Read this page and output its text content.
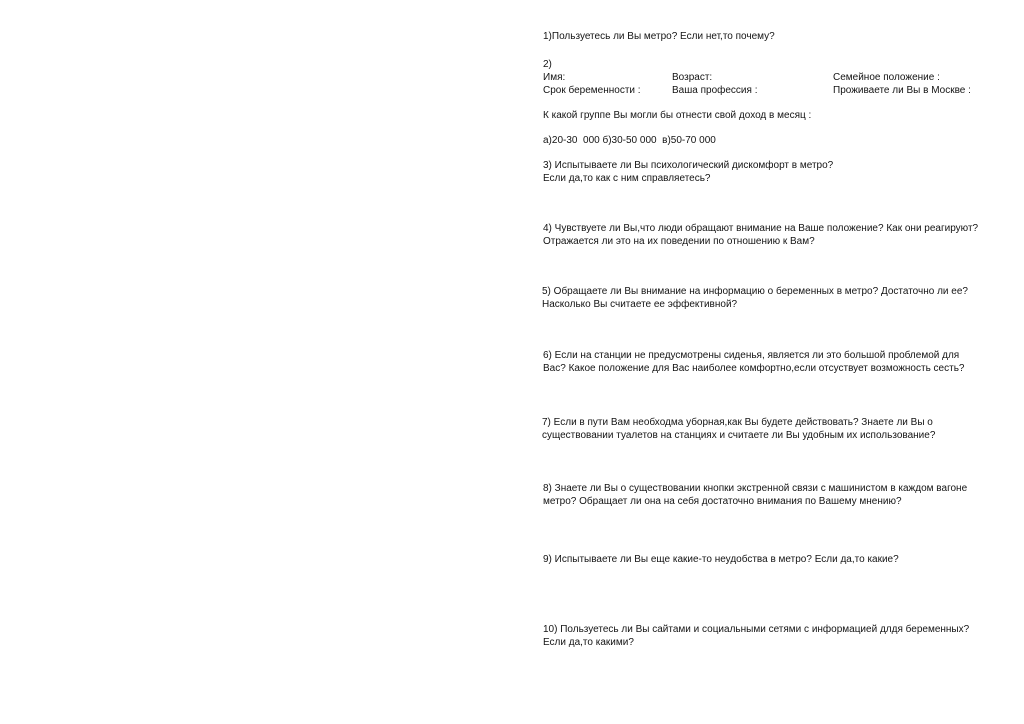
1)Пользуетесь ли Вы метро? Если нет,то почему?

2)

Имя:	Возраст:	Семейное положение :
Срок беременности :	Ваша профессия :	Проживаете ли Вы в Москве :

К какой группе Вы могли бы отнести свой доход в месяц :

а)20-30  000 б)30-50 000  в)50-70 000

3) Испытываете ли Вы психологический дискомфорт в метро?
Если да,то как с ним справляетесь?

4) Чувствуете ли Вы,что люди обращают внимание на Ваше положение? Как они реагируют?
Отражается ли это на их поведении по отношению к Вам?

5) Обращаете ли Вы внимание на информацию о беременных в метро? Достаточно ли ее?
Насколько Вы считаете ее эффективной?

6) Если на станции не предусмотрены сиденья, является ли это большой проблемой для
Вас? Какое положение для Вас наиболее комфортно,если отсуствует возможность сесть?

7) Если в пути Вам необходма уборная,как Вы будете действовать? Знаете ли Вы о
существовании туалетов на станциях и считаете ли Вы удобным их использование?

8) Знаете ли Вы о существовании кнопки экстренной связи с машинистом в каждом вагоне
метро? Обращает ли она на себя достаточно внимания по Вашему мнению?

9) Испытываете ли Вы еще какие-то неудобства в метро? Если да,то какие?

10) Пользуетесь ли Вы сайтами и социальными сетями с информацией длдя беременных?
Если да,то какими?
